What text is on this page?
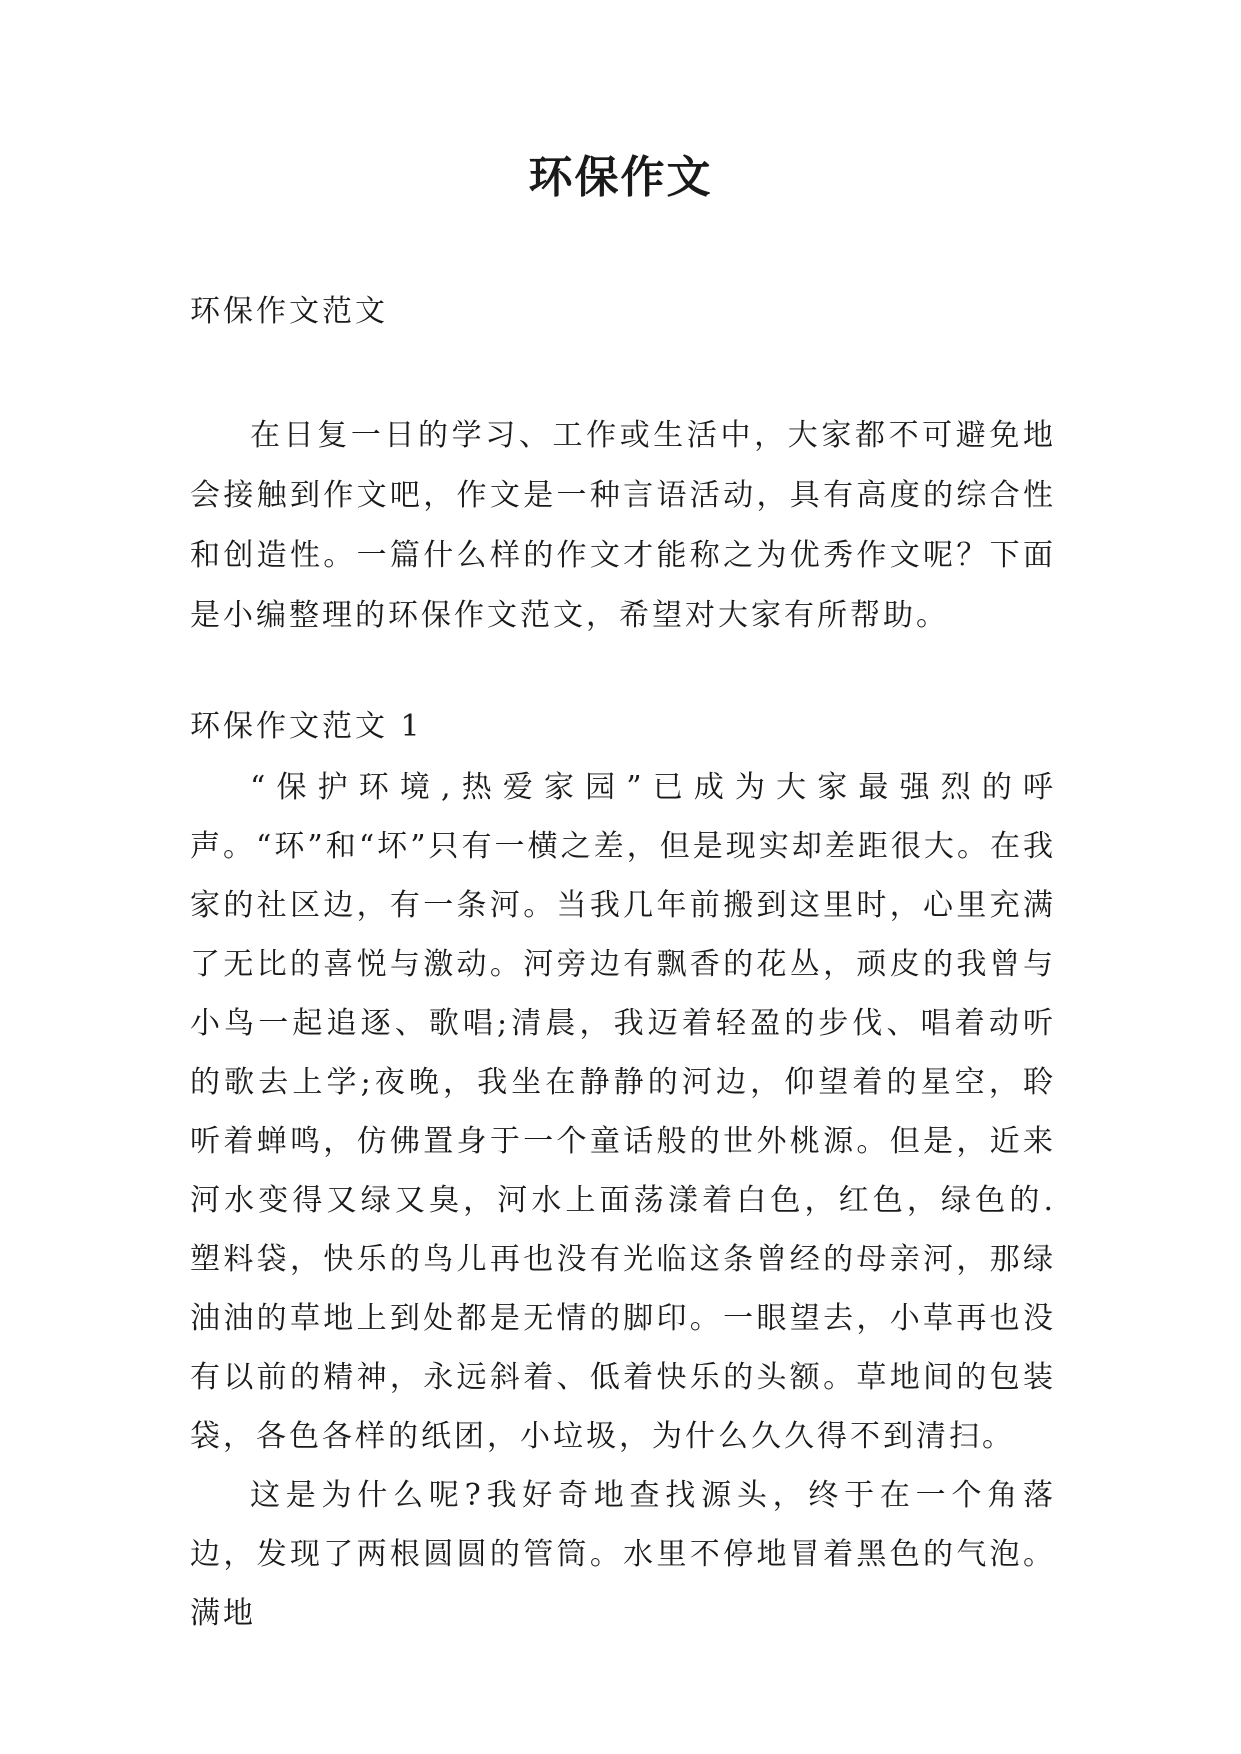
环保作文

环保作文范文

在日复一日的学习、工作或生活中，大家都不可避免地会接触到作文吧，作文是一种言语活动，具有高度的综合性和创造性。一篇什么样的作文才能称之为优秀作文呢？下面是小编整理的环保作文范文，希望对大家有所帮助。

环保作文范文 1

“保护环境,热爱家园”已成为大家最强烈的呼声。“环”和“坏”只有一横之差，但是现实却差距很大。在我家的社区边，有一条河。当我几年前搬到这里时，心里充满了无比的喜悦与激动。河旁边有飘香的花丛，顽皮的我曾与小鸟一起追逐、歌唱;清晨，我迈着轻盈的步伐、唱着动听的歌去上学;夜晚，我坐在静静的河边，仰望着的星空，聆听着蝉鸣，仿佛置身于一个童话般的世外桃源。但是，近来河水变得又绿又臭，河水上面荡漾着白色，红色，绿色的.塑料袋，快乐的鸟儿再也没有光临这条曾经的母亲河，那绿油油的草地上到处都是无情的脚印。一眼望去，小草再也没有以前的精神，永远斜着、低着快乐的头额。草地间的包装袋，各色各样的纸团，小垃圾，为什么久久得不到清扫。

这是为什么呢?我好奇地查找源头，终于在一个角落边，发现了两根圆圆的管筒。水里不停地冒着黑色的气泡。满地
